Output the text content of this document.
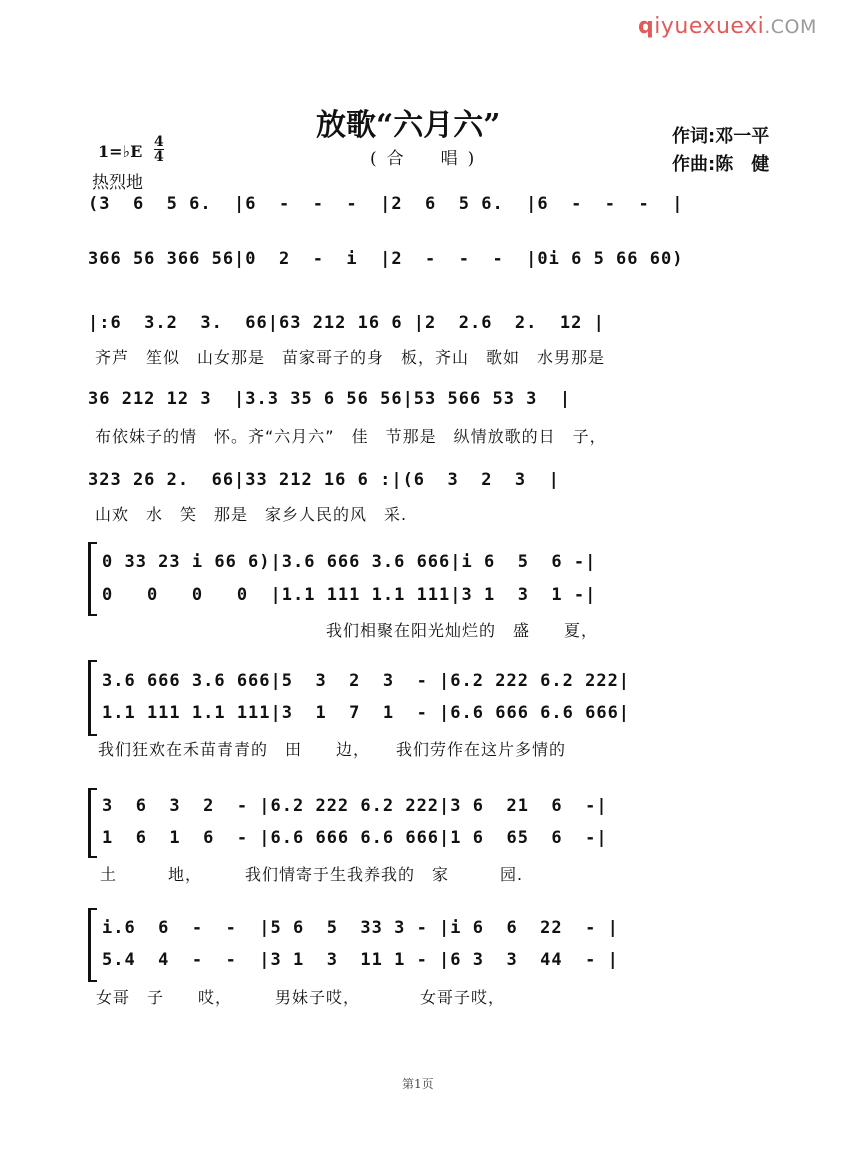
qiyuexuexi.COM
放歌“六月六”
(合　唱)
作词:邓一平
作曲:陈　健
1=♭E 4
4
热烈地
(3  6  5 6.  |6  -  -  -  |2  6  5 6.  |6  -  -  -  |
366 56 366 56|0  2  -  i  |2  -  -  -  |0i 6 5 66 60)
|:6  3.2  3.  66|63 212 16 6 |2  2.6  2.  12 |
齐芦　笙似　山女那是　苗家哥子的身　板，齐山　歌如　水男那是
36 212 12 3  |3.3 35 6 56 56|53 566 53 3  |
布依妹子的情　怀。齐“六月六”　佳　节那是　纵情放歌的日　子，
323 26 2.  66|33 212 16 6 :|(6  3  2  3  |
山欢　水　笑　那是　家乡人民的风　采.
0 33 23 i 66 6)|3.6 666 3.6 666|i 6  5  6 -|
0   0   0   0  |1.1 111 1.1 111|3 1  3  1 -|
我们相聚在阳光灿烂的　盛　　夏，
3.6 666 3.6 666|5  3  2  3  - |6.2 222 6.2 222|
1.1 111 1.1 111|3  1  7  1  - |6.6 666 6.6 666|
我们狂欢在禾苗青青的　田　　边，　　我们劳作在这片多情的
3  6  3  2  - |6.2 222 6.2 222|3 6  21  6  -|
1  6  1  6  - |6.6 666 6.6 666|1 6  65  6  -|
土　　　地，　　　我们情寄于生我养我的　家　　　园.
i.6  6  -  -  |5 6  5  33 3 - |i 6  6  22  - |
5.4  4  -  -  |3 1  3  11 1 - |6 3  3  44  - |
女哥　子　　哎，　　　男妹子哎，　　　　女哥子哎，
第1页
